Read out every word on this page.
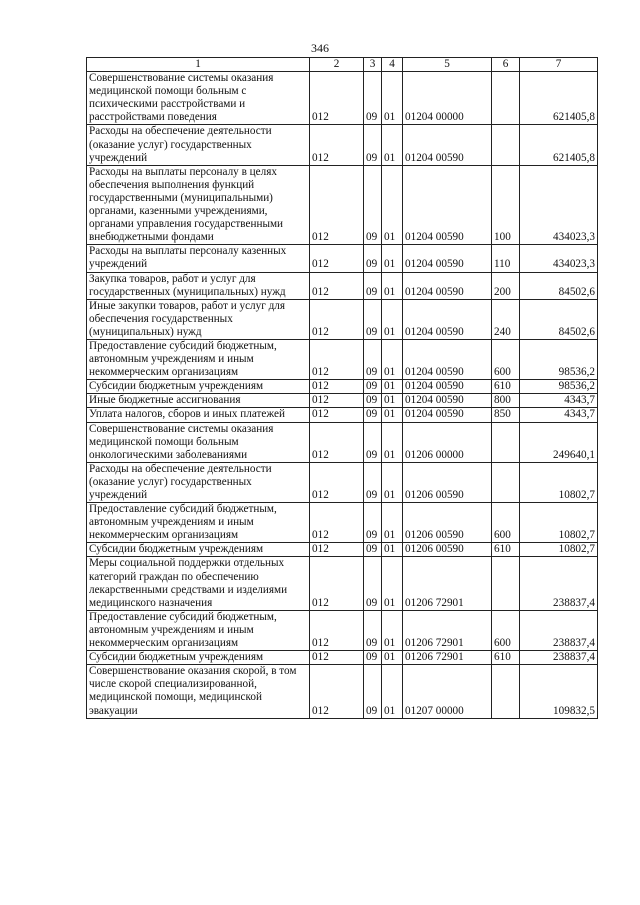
346
1	2	3	4	5	6	7
Совершенствование системы оказания медицинской помощи больным с психическими расстройствами и расстройствами поведения	012	09	01	01204 00000		621405,8
Расходы на обеспечение деятельности (оказание услуг) государственных учреждений	012	09	01	01204 00590		621405,8
Расходы на выплаты персоналу в целях обеспечения выполнения функций государственными (муниципальными) органами, казенными учреждениями, органами управления государственными внебюджетными фондами	012	09	01	01204 00590	100	434023,3
Расходы на выплаты персоналу казенных учреждений	012	09	01	01204 00590	110	434023,3
Закупка товаров, работ и услуг для государственных (муниципальных) нужд	012	09	01	01204 00590	200	84502,6
Иные закупки товаров, работ и услуг для обеспечения государственных (муниципальных) нужд	012	09	01	01204 00590	240	84502,6
Предоставление субсидий бюджетным, автономным учреждениям и иным некоммерческим организациям	012	09	01	01204 00590	600	98536,2
Субсидии бюджетным учреждениям	012	09	01	01204 00590	610	98536,2
Иные бюджетные ассигнования	012	09	01	01204 00590	800	4343,7
Уплата налогов, сборов и иных платежей	012	09	01	01204 00590	850	4343,7
Совершенствование системы оказания медицинской помощи больным онкологическими заболеваниями	012	09	01	01206 00000		249640,1
Расходы на обеспечение деятельности (оказание услуг) государственных учреждений	012	09	01	01206 00590		10802,7
Предоставление субсидий бюджетным, автономным учреждениям и иным некоммерческим организациям	012	09	01	01206 00590	600	10802,7
Субсидии бюджетным учреждениям	012	09	01	01206 00590	610	10802,7
Меры социальной поддержки отдельных категорий граждан по обеспечению лекарственными средствами и изделиями медицинского назначения	012	09	01	01206 72901		238837,4
Предоставление субсидий бюджетным, автономным учреждениям и иным некоммерческим организациям	012	09	01	01206 72901	600	238837,4
Субсидии бюджетным учреждениям	012	09	01	01206 72901	610	238837,4
Совершенствование оказания скорой, в том числе скорой специализированной, медицинской помощи, медицинской эвакуации	012	09	01	01207 00000		109832,5
